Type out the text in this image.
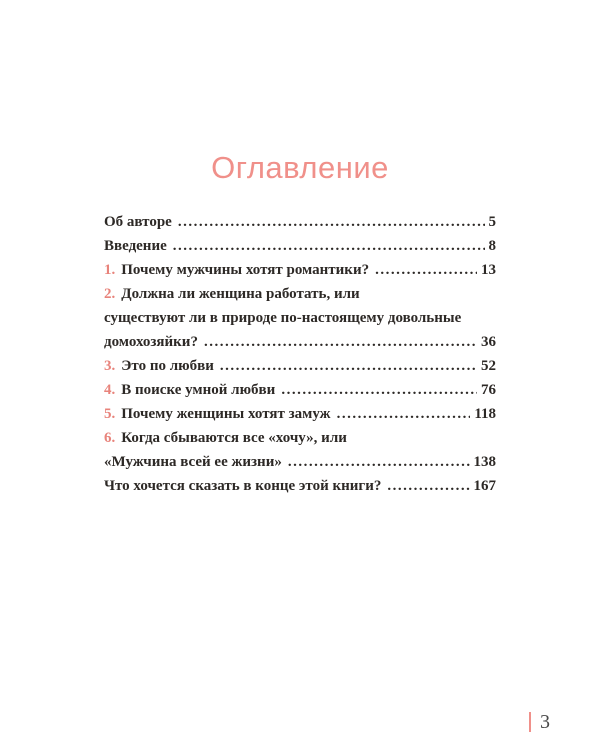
Оглавление
Об авторе .....	5
Введение .....	8
1. Почему мужчины хотят романтики? .....	13
2. Должна ли женщина работать, или
существуют ли в природе по-настоящему довольные
домохозяйки? .....	36
3. Это по любви .....	52
4. В поиске умной любви .....	76
5. Почему женщины хотят замуж .....	118
6. Когда сбываются все «хочу», или
«Мужчина всей ее жизни» .....	138
Что хочется сказать в конце этой книги? .....	167
3
